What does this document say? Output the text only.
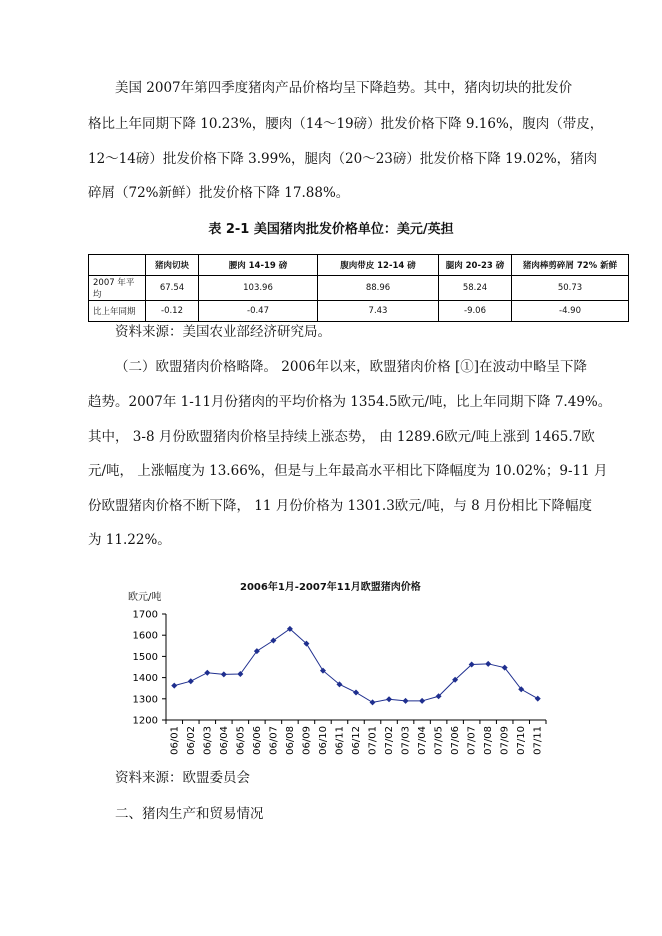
美国 2007年第四季度猪肉产品价格均呈下降趋势。其中，猪肉切块的批发价
格比上年同期下降 10.23%，腰肉（14～19磅）批发价格下降 9.16%，腹肉（带皮，
12～14磅）批发价格下降 3.99%，腿肉（20～23磅）批发价格下降 19.02%，猪肉
碎屑（72%新鲜）批发价格下降 17.88%。
表 2-1 美国猪肉批发价格单位：美元/英担
	猪肉切块	腰肉 14-19 磅	腹肉带皮 12-14 磅	腿肉 20-23 磅	猪肉棒剪碎屑 72% 新鲜
2007 年平均	67.54	103.96	88.96	58.24	50.73
比上年同期	-0.12	-0.47	7.43	-9.06	-4.90
资料来源：美国农业部经济研究局。
（二）欧盟猪肉价格略降。 2006年以来，欧盟猪肉价格 [①]在波动中略呈下降
趋势。2007年 1-11月份猪肉的平均价格为 1354.5欧元/吨，比上年同期下降 7.49%。
其中， 3-8 月份欧盟猪肉价格呈持续上涨态势， 由 1289.6欧元/吨上涨到 1465.7欧
元/吨， 上涨幅度为 13.66%，但是与上年最高水平相比下降幅度为 10.02%；9-11 月
份欧盟猪肉价格不断下降， 11 月份价格为 1301.3欧元/吨，与 8 月份相比下降幅度
为 11.22%。
2006年1月-2007年11月欧盟猪肉价格
欧元/吨
1200
1300
1400
1500
1600
1700
06/01 06/02 06/03 06/04 06/05 06/06 06/07 06/08 06/09 06/10 06/11 06/12 07/01 07/02 07/03 07/04 07/05 07/06 07/07 07/08 07/09 07/10 07/11
资料来源：欧盟委员会
二、猪肉生产和贸易情况
